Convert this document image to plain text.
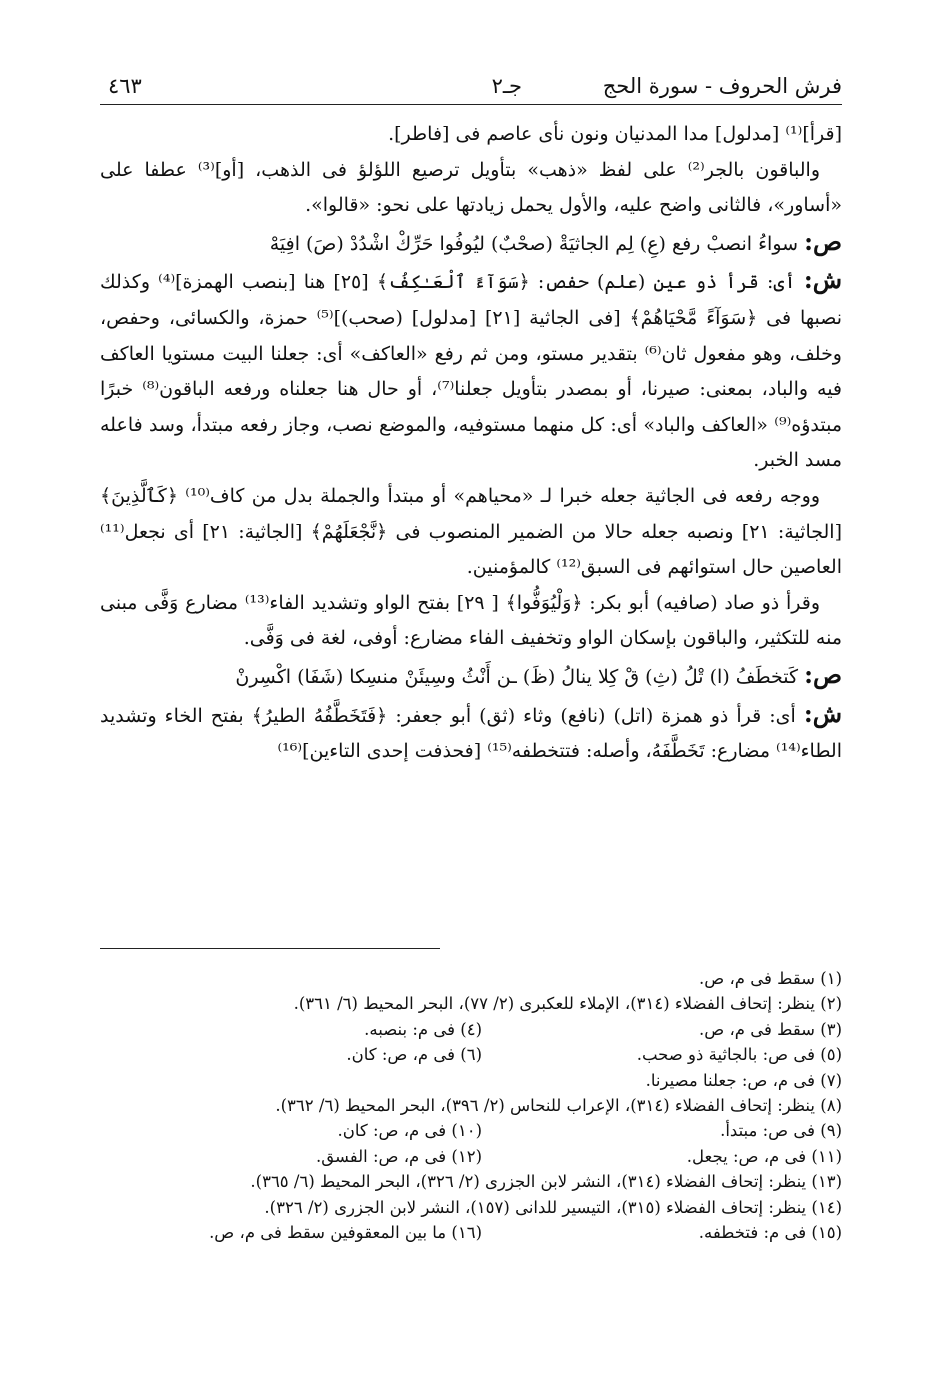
فرش الحروف - سورة الحج
جـ٢
٤٦٣

[قرأ]⁽¹⁾ [مدلول] مدا المدنيان ونون نأى عاصم فى [فاطر].

والباقون بالجر⁽²⁾ على لفظ «ذهب» بتأويل ترصيع اللؤلؤ فى الذهب، [أو]⁽³⁾ عطفا على «أساور»، فالثانى واضح عليه، والأول يحمل زيادتها على نحو: «قالوا».

ص: سواءُ انصبْ رفع (عِ) لِم الجاثيَةْ (صحْبٌ) ليُوفُوا حَرِّكْ اشْدُدْ (صَ) افِيَهْ

ش: أى: قرأ ذو عين (علم) حفص: ﴿سَوَآءً ٱلْعَـٰكِفُ﴾ [٢٥] هنا [بنصب الهمزة]⁽⁴⁾ وكذلك نصبها فى ﴿سَوَآءً مَّحْيَاهُمْ﴾ [فى الجاثية [٢١] [مدلول] (صحب)]⁽⁵⁾ حمزة، والكسائى، وحفص، وخلف، وهو مفعول ثان⁽⁶⁾ بتقدير مستو، ومن ثم رفع «العاكف» أى: جعلنا البيت مستويا العاكف فيه والباد، بمعنى: صيرنا، أو بمصدر بتأويل جعلنا⁽⁷⁾، أو حال هنا جعلناه ورفعه الباقون⁽⁸⁾ خبرًا مبتدؤه⁽⁹⁾ «العاكف والباد» أى: كل منهما مستوفيه، والموضع نصب، وجاز رفعه مبتدأ، وسد فاعله مسد الخبر.

ووجه رفعه فى الجاثية جعله خبرا لـ «محياهم» أو مبتدأ والجملة بدل من كاف⁽¹⁰⁾ ﴿كَٱلَّذِينَ﴾ [الجاثية: ٢١] ونصبه جعله حالا من الضمير المنصوب فى ﴿نَّجْعَلَهُمْ﴾ [الجاثية: ٢١] أى نجعل⁽¹¹⁾ العاصين حال استوائهم فى السبق⁽¹²⁾ كالمؤمنين.

وقرأ ذو صاد (صافيه) أبو بكر: ﴿وَلْيُوَفُّوا﴾ [ ٢٩] بفتح الواو وتشديد الفاء⁽¹³⁾ مضارع وَفَّى مبنى منه للتكثير، والباقون بإسكان الواو وتخفيف الفاء مضارع: أوفى، لغة فى وَفَّى.

ص: كَتخطَفُ (ا) تْلُ (ثِ) قْ كِلا ينالُ (ظَ) ـن أَنْثُ وسِيئَنْ منسِكا (شَفَا) اكْسِرنْ

ش: أى: قرأ ذو همزة (اتل) (نافع) وثاء (ثق) أبو جعفر: ﴿فَتَخَطَّفُهُ الطيرُ﴾ بفتح الخاء وتشديد الطاء⁽¹⁴⁾ مضارع: تَخَطَّفَهُ، وأصله: فتتخطفه⁽¹⁵⁾ [فحذفت إحدى التاءين]⁽¹⁶⁾

(١) سقط فى م، ص.
(٢) ينظر: إتحاف الفضلاء (٣١٤)، الإملاء للعكبرى (٢/ ٧٧)، البحر المحيط (٦/ ٣٦١).
(٣) سقط فى م، ص.
(٤) فى م: بنصبه.
(٥) فى ص: بالجاثية ذو صحب.
(٦) فى م، ص: كان.
(٧) فى م، ص: جعلنا مصيرنا.
(٨) ينظر: إتحاف الفضلاء (٣١٤)، الإعراب للنحاس (٢/ ٣٩٦)، البحر المحيط (٦/ ٣٦٢).
(٩) فى ص: مبتدأ.
(١٠) فى م، ص: كان.
(١١) فى م، ص: يجعل.
(١٢) فى م، ص: الفسق.
(١٣) ينظر: إتحاف الفضلاء (٣١٤)، النشر لابن الجزرى (٢/ ٣٢٦)، البحر المحيط (٦/ ٣٦٥).
(١٤) ينظر: إتحاف الفضلاء (٣١٥)، التيسير للدانى (١٥٧)، النشر لابن الجزرى (٢/ ٣٢٦).
(١٥) فى م: فتخطفه.
(١٦) ما بين المعقوفين سقط فى م، ص.
